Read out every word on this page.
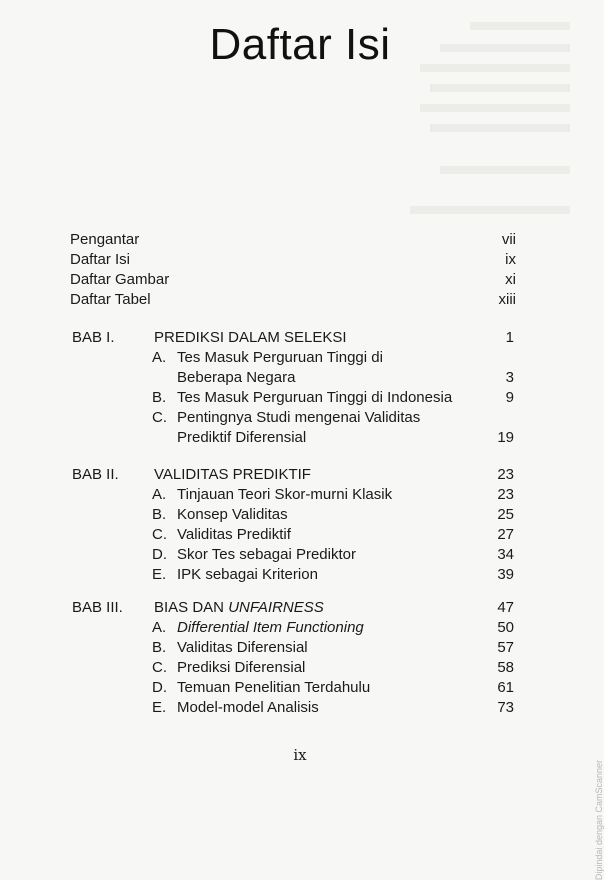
Daftar Isi
Pengantar	vii
Daftar Isi	ix
Daftar Gambar	xi
Daftar Tabel	xiii
BAB I.	PREDIKSI DALAM SELEKSI	1
A. Tes Masuk Perguruan Tinggi di
Beberapa Negara	3
B. Tes Masuk Perguruan Tinggi di Indonesia	9
C. Pentingnya Studi mengenai Validitas
Prediktif Diferensial	19
BAB II.	VALIDITAS PREDIKTIF	23
A. Tinjauan Teori Skor-murni Klasik	23
B. Konsep Validitas	25
C. Validitas Prediktif	27
D. Skor Tes sebagai Prediktor	34
E. IPK sebagai Kriterion	39
BAB III.	BIAS DAN UNFAIRNESS	47
A. Differential Item Functioning	50
B. Validitas Diferensial	57
C. Prediksi Diferensial	58
D. Temuan Penelitian Terdahulu	61
E. Model-model Analisis	73
ix
Dipindai dengan CamScanner
